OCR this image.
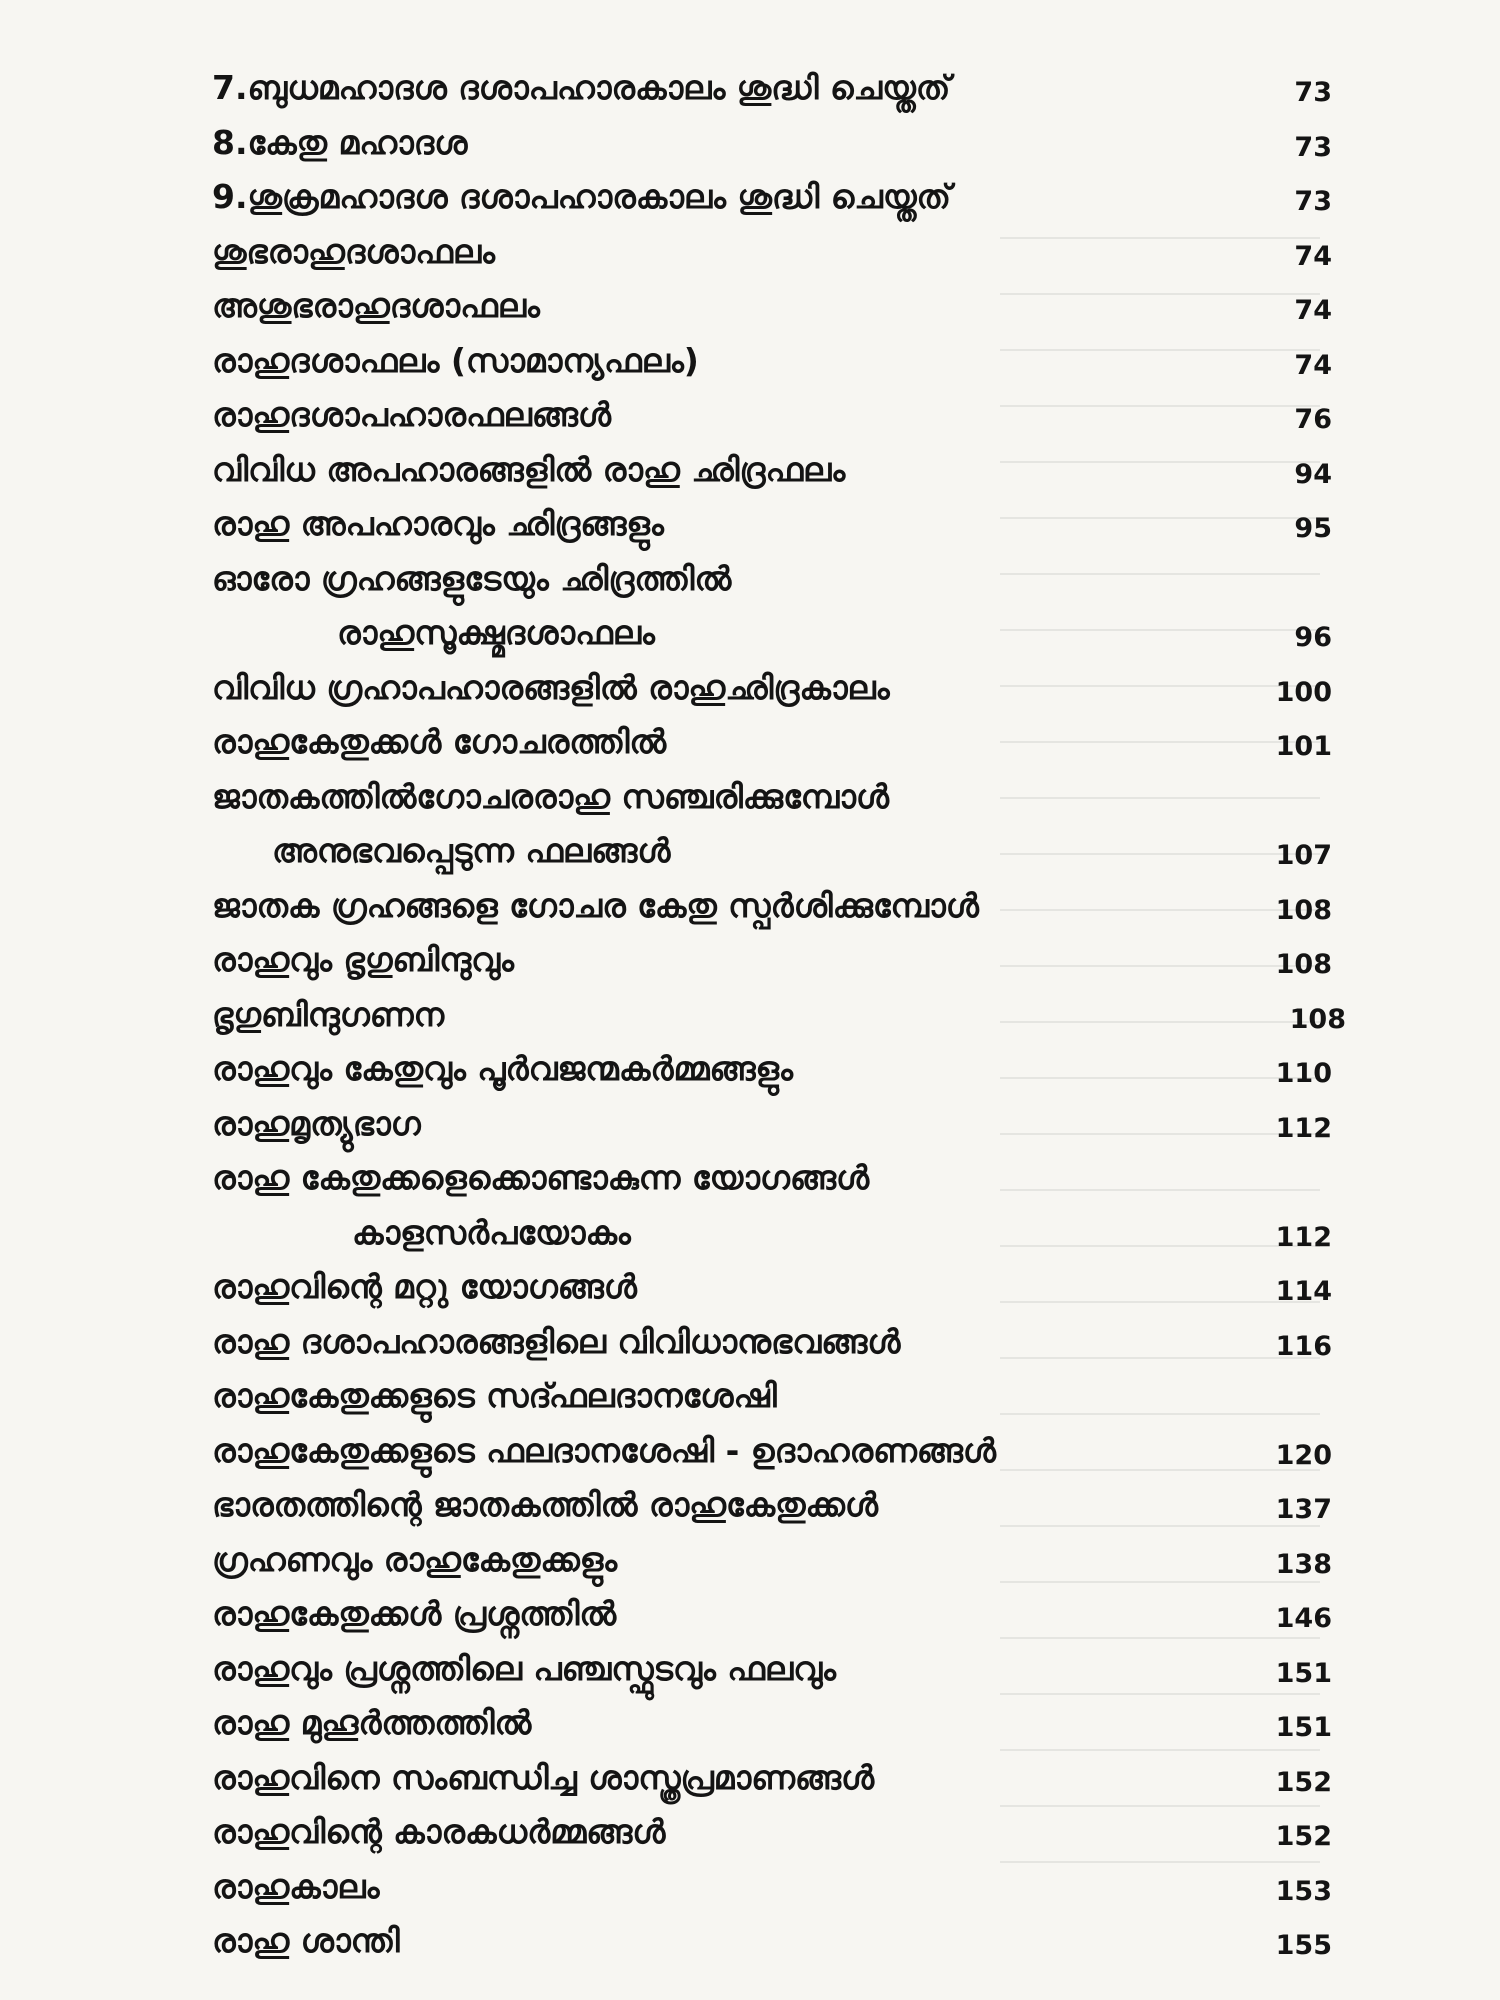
7.ബുധമഹാദശ ദശാപഹാരകാലം ശുദ്ധി ചെയ്തത്	73
8.കേതു മഹാദശ	73
9.ശുക്രമഹാദശ ദശാപഹാരകാലം ശുദ്ധി ചെയ്തത്	73
ശുഭരാഹുദശാഫലം	74
അശുഭരാഹുദശാഫലം	74
രാഹുദശാഫലം (സാമാന്യഫലം)	74
രാഹുദശാപഹാരഫലങ്ങൾ	76
വിവിധ അപഹാരങ്ങളിൽ രാഹു ഛിദ്രഫലം	94
രാഹു അപഹാരവും ഛിദ്രങ്ങളും	95
ഓരോ ഗ്രഹങ്ങളുടേയും ഛിദ്രത്തിൽ
രാഹുസൂക്ഷ്മദശാഫലം	96
വിവിധ ഗ്രഹാപഹാരങ്ങളിൽ രാഹുഛിദ്രകാലം	100
രാഹുകേതുക്കൾ ഗോചരത്തിൽ	101
ജാതകത്തിൽഗോചരരാഹു സഞ്ചരിക്കുമ്പോൾ
അനുഭവപ്പെടുന്ന ഫലങ്ങൾ	107
ജാതക ഗ്രഹങ്ങളെ ഗോചര കേതു സ്പർശിക്കുമ്പോൾ	108
രാഹുവും ഭൃഗുബിന്ദുവും	108
ഭൃഗുബിന്ദുഗണന	108
രാഹുവും കേതുവും പൂർവജന്മകർമ്മങ്ങളും	110
രാഹുമൃത്യുഭാഗ	112
രാഹു കേതുക്കളെക്കൊണ്ടാകുന്ന യോഗങ്ങൾ
കാളസർപയോകം	112
രാഹുവിന്റെ മറ്റു യോഗങ്ങൾ	114
രാഹു ദശാപഹാരങ്ങളിലെ വിവിധാനുഭവങ്ങൾ	116
രാഹുകേതുക്കളുടെ സദ്ഫലദാനശേഷി
രാഹുകേതുക്കളുടെ ഫലദാനശേഷി - ഉദാഹരണങ്ങൾ	120
ഭാരതത്തിന്റെ ജാതകത്തിൽ രാഹുകേതുക്കൾ	137
ഗ്രഹണവും രാഹുകേതുക്കളും	138
രാഹുകേതുക്കൾ പ്രശ്നത്തിൽ	146
രാഹുവും പ്രശ്നത്തിലെ പഞ്ചസ്ഫുടവും ഫലവും	151
രാഹു മുഹൂർത്തത്തിൽ	151
രാഹുവിനെ സംബന്ധിച്ച ശാസ്ത്രപ്രമാണങ്ങൾ	152
രാഹുവിന്റെ കാരകധർമ്മങ്ങൾ	152
രാഹുകാലം	153
രാഹു ശാന്തി	155
